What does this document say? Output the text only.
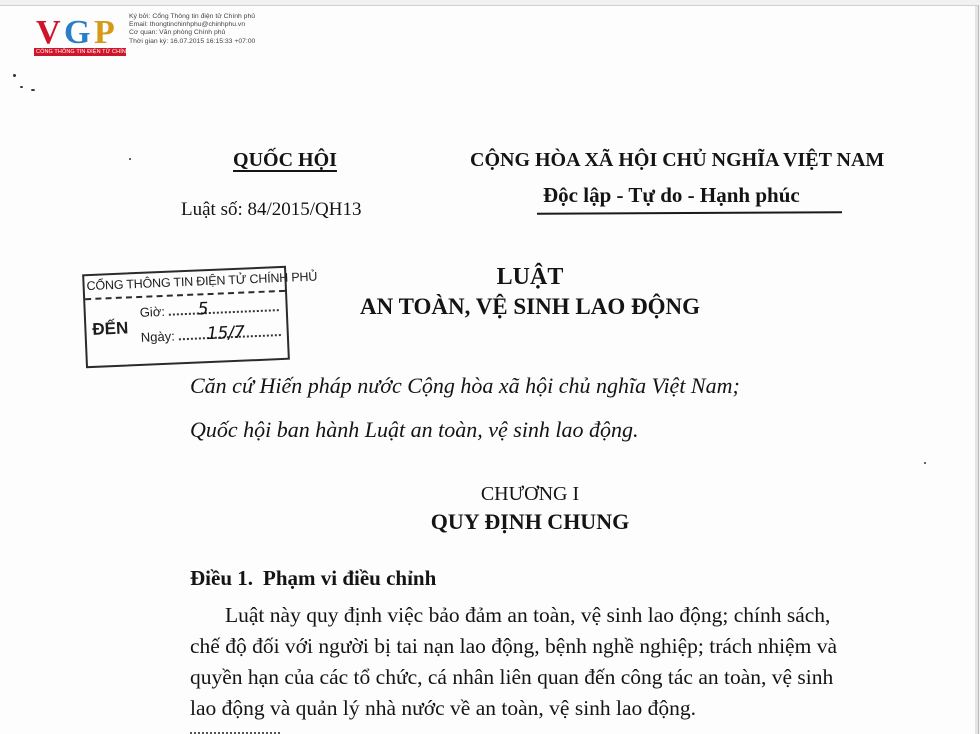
V G P
CỔNG THÔNG TIN ĐIỆN TỬ CHÍNH PHỦ
Ký bởi: Cổng Thông tin điện tử Chính phủ
Email: thongtinchinhphu@chinhphu.vn
Cơ quan: Văn phòng Chính phủ
Thời gian ký: 16.07.2015 16:15:33 +07:00
QUỐC HỘI
Luật số: 84/2015/QH13
CỘNG HÒA XÃ HỘI CHỦ NGHĨA VIỆT NAM
Độc lập - Tự do - Hạnh phúc
CỔNG THÔNG TIN ĐIỆN TỬ CHÍNH PHỦ
ĐẾN
Giờ:
Ngày:
5
15/7
LUẬT
AN TOÀN, VỆ SINH LAO ĐỘNG
Căn cứ Hiến pháp nước Cộng hòa xã hội chủ nghĩa Việt Nam;
Quốc hội ban hành Luật an toàn, vệ sinh lao động.
CHƯƠNG I
QUY ĐỊNH CHUNG
Điều 1. Phạm vi điều chỉnh
Luật này quy định việc bảo đảm an toàn, vệ sinh lao động; chính sách,
chế độ đối với người bị tai nạn lao động, bệnh nghề nghiệp; trách nhiệm và
quyền hạn của các tổ chức, cá nhân liên quan đến công tác an toàn, vệ sinh
lao động và quản lý nhà nước về an toàn, vệ sinh lao động.
